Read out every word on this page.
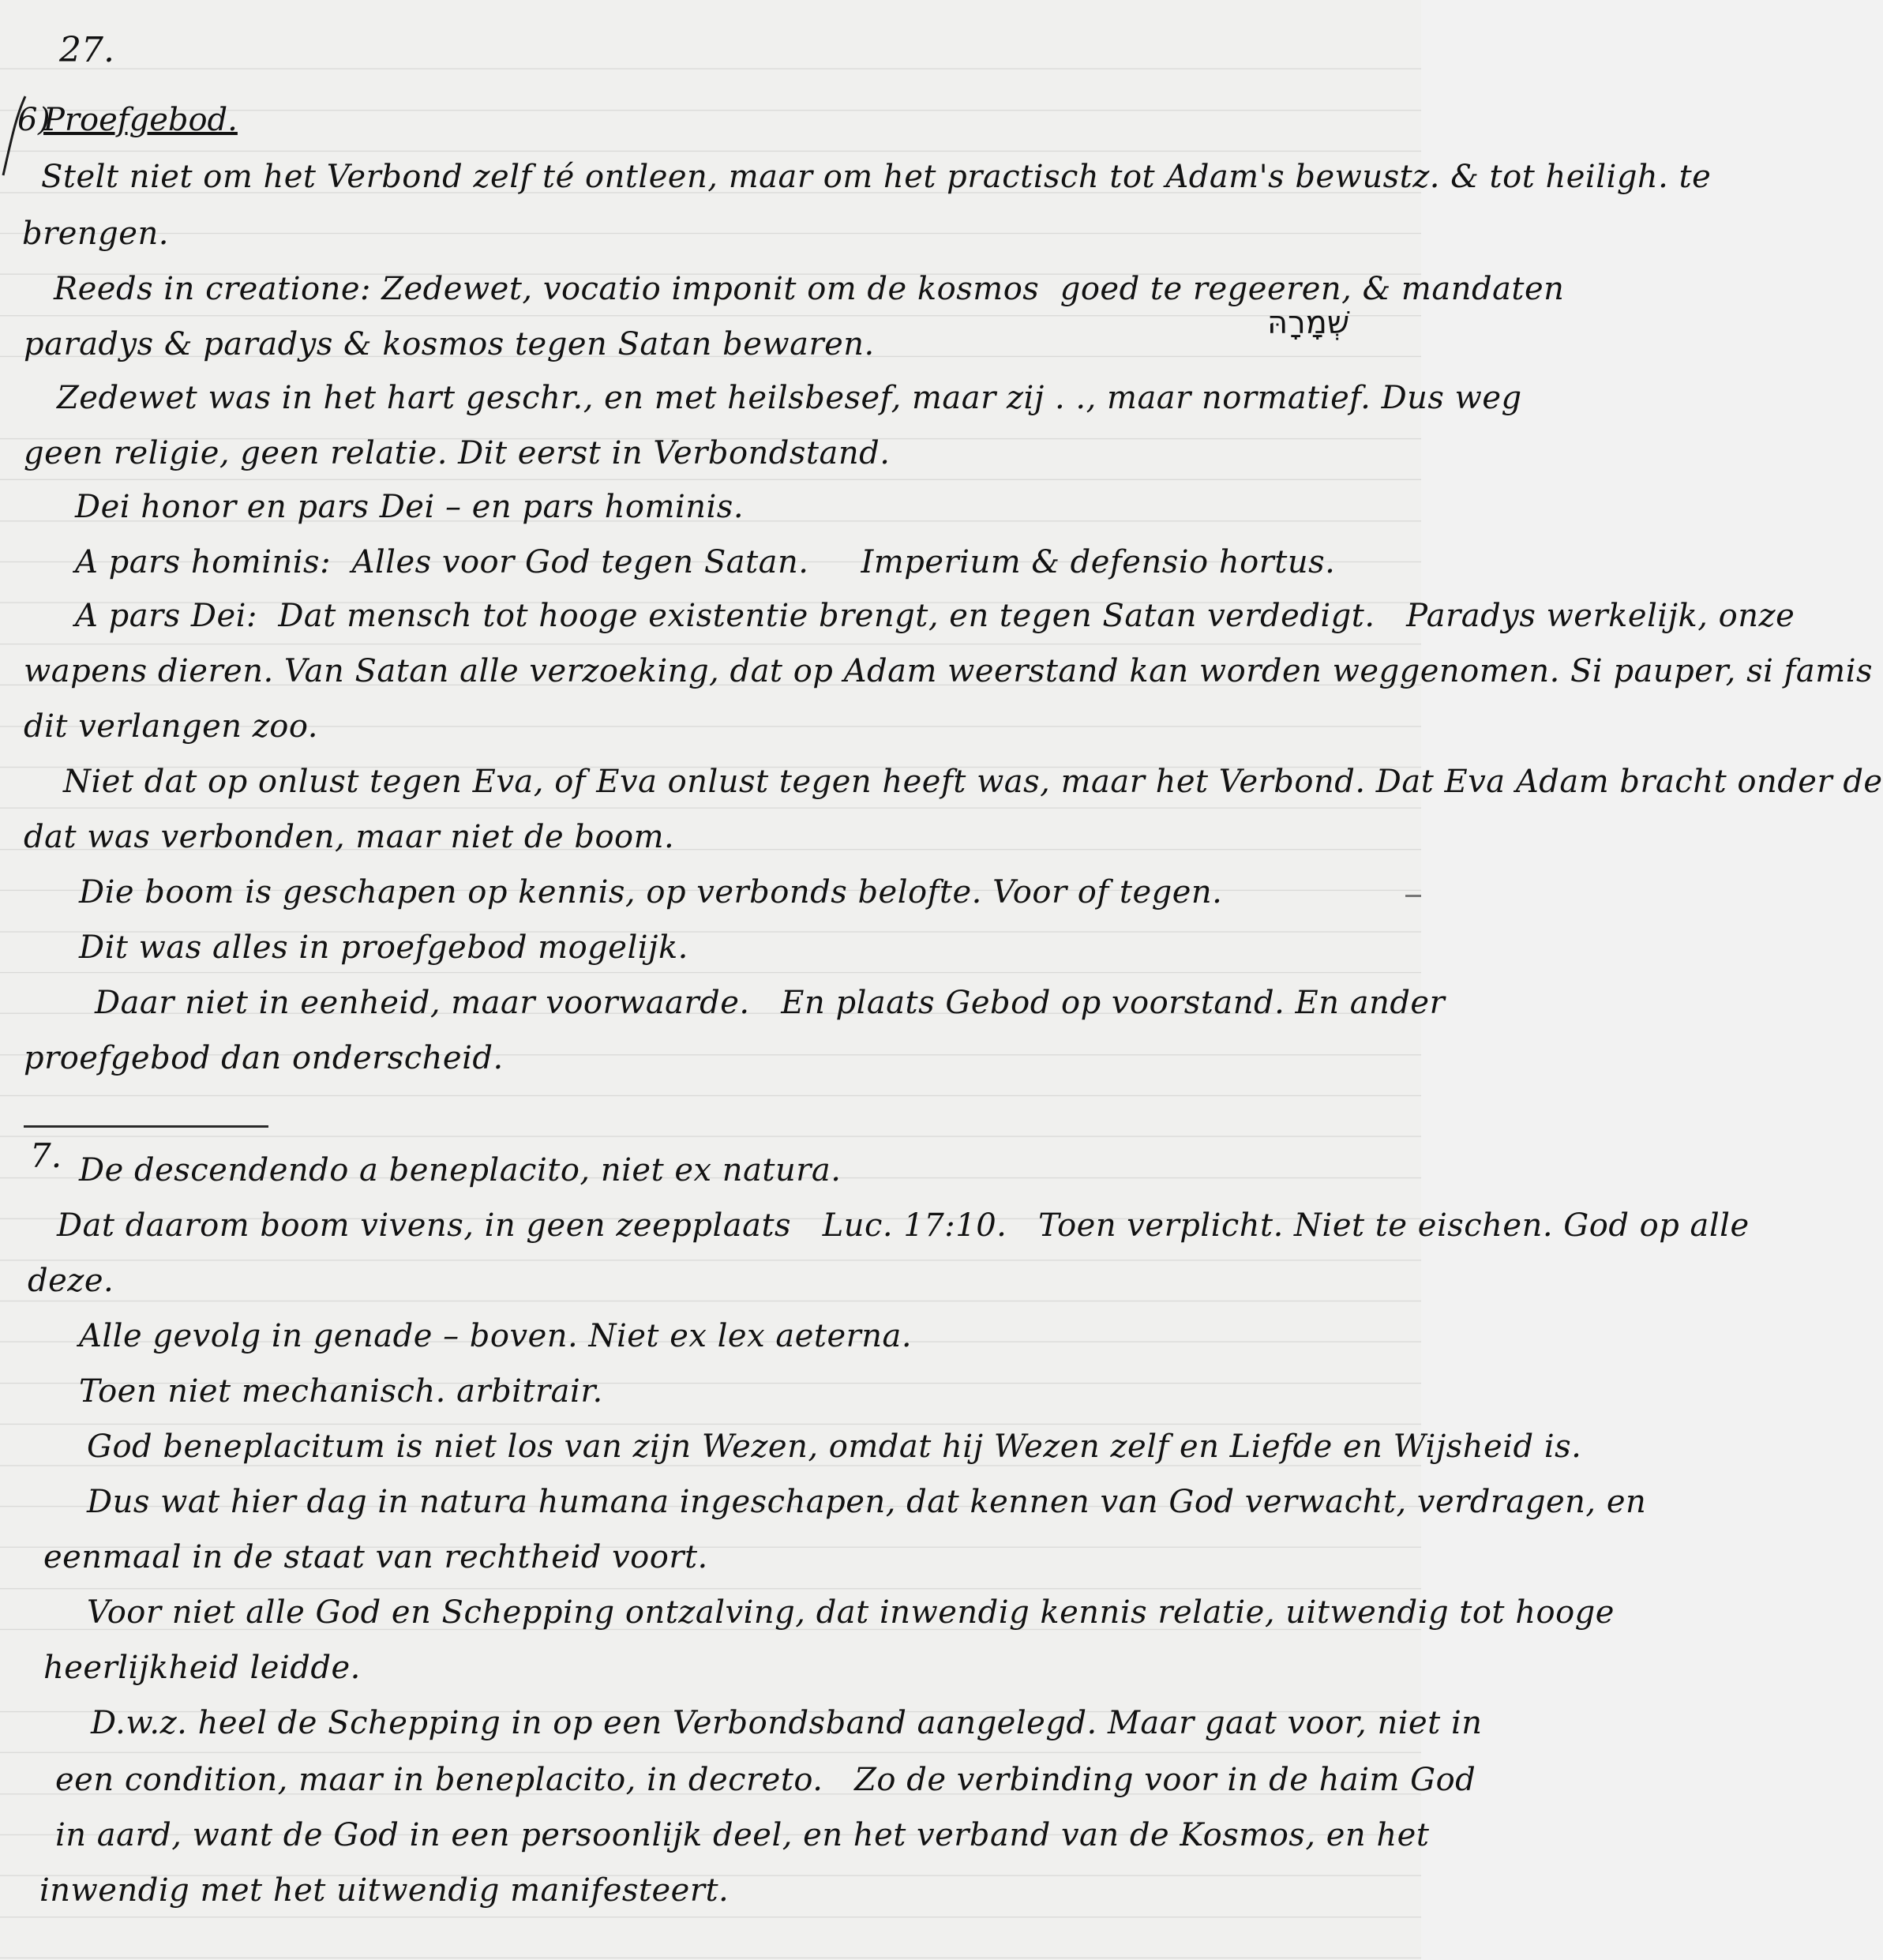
27.
6)
Proefgebod.
Stelt niet om het Verbond zelf té ontleen, maar om het practisch tot Adam's bewustz. & tot heiligh. te
brengen.
Reeds in creatione: Zedewet, vocatio imponit om de kosmos  goed te regeeren, & mandaten
שְׁמָרָהּ
paradys & paradys & kosmos tegen Satan bewaren.
Zedewet was in het hart geschr., en met heilsbesef, maar zij . ., maar normatief. Dus weg
geen religie, geen relatie. Dit eerst in Verbondstand.
Dei honor en pars Dei – en pars hominis.
A pars hominis:  Alles voor God tegen Satan.     Imperium & defensio hortus.
A pars Dei:  Dat mensch tot hooge existentie brengt, en tegen Satan verdedigt.   Paradys werkelijk, onze
wapens dieren. Van Satan alle verzoeking, dat op Adam weerstand kan worden weggenomen. Si pauper, si famis
dit verlangen zoo.
Niet dat op onlust tegen Eva, of Eva onlust tegen heeft was, maar het Verbond. Dat Eva Adam bracht onder de
dat was verbonden, maar niet de boom.
Die boom is geschapen op kennis, op verbonds belofte. Voor of tegen.
Dit was alles in proefgebod mogelijk.
Daar niet in eenheid, maar voorwaarde.   En plaats Gebod op voorstand. En ander
proefgebod dan onderscheid.
7. De descendendo a beneplacito, niet ex natura.
Dat daarom boom vivens, in geen zeepplaats   Luc. 17:10.   Toen verplicht. Niet te eischen. God op alle
deze.
Alle gevolg in genade – boven. Niet ex lex aeterna.
Toen niet mechanisch. arbitrair.
God beneplacitum is niet los van zijn Wezen, omdat hij Wezen zelf en Liefde en Wijsheid is.
Dus wat hier dag in natura humana ingeschapen, dat kennen van God verwacht, verdragen, en
eenmaal in de staat van rechtheid voort.
Voor niet alle God en Schepping ontzalving, dat inwendig kennis relatie, uitwendig tot hooge
heerlijkheid leidde.
D.w.z. heel de Schepping in op een Verbondsband aangelegd. Maar gaat voor, niet in
een condition, maar in beneplacito, in decreto.   Zo de verbinding voor in de haim God
in aard, want de God in een persoonlijk deel, en het verband van de Kosmos, en het
inwendig met het uitwendig manifesteert.
